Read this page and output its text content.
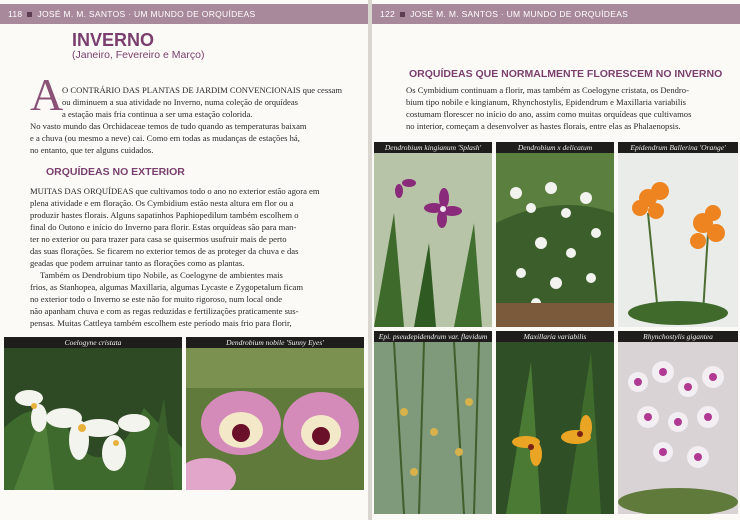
118 JOSÉ M. M. SANTOS · UM MUNDO DE ORQUÍDEAS
INVERNO
(Janeiro, Fevereiro e Março)
A
O CONTRÁRIO DAS PLANTAS DE JARDIM CONVENCIONAIS que cessam
ou diminuem a sua atividade no Inverno, numa coleção de orquídeas
a estação mais fria continua a ser uma estação colorida.
No vasto mundo das Orchidaceae temos de tudo quando as temperaturas baixam
e a chuva (ou mesmo a neve) cai. Como em todas as mudanças de estações há,
no entanto, que ter alguns cuidados.
ORQUÍDEAS NO EXTERIOR
MUITAS DAS ORQUÍDEAS que cultivamos todo o ano no exterior estão agora em
plena atividade e em floração. Os Cymbidium estão nesta altura em flor ou a
produzir hastes florais. Alguns sapatinhos Paphiopedilum também escolhem o
final do Outono e início do Inverno para florir. Estas orquídeas são para man-
ter no exterior ou para trazer para casa se quisermos usufruir mais de perto
das suas florações. Se ficarem no exterior temos de as proteger da chuva e das
geadas que podem arruinar tanto as florações como as plantas.
Também os Dendrobium tipo Nobile, as Coelogyne de ambientes mais
frios, as Stanhopea, algumas Maxillaria, algumas Lycaste e Zygopetalum ficam
no exterior todo o Inverno se este não for muito rigoroso, num local onde
não apanham chuva e com as regas reduzidas e fertilizações praticamente sus-
pensas. Muitas Cattleya também escolhem este período mais frio para florir,
Coelogyne cristata	Dendrobium nobile 'Sunny Eyes'
122 JOSÉ M. M. SANTOS · UM MUNDO DE ORQUÍDEAS
ORQUÍDEAS QUE NORMALMENTE FLORESCEM NO INVERNO
Os Cymbidium continuam a florir, mas também as Coelogyne cristata, os Dendro-
bium tipo nobile e kingianum, Rhynchostylis, Epidendrum e Maxillaria variabilis
costumam florescer no início do ano, assim como muitas orquídeas que cultivamos
no interior, começam a desenvolver as hastes florais, entre elas as Phalaenopsis.
Dendrobium kingianum 'Splash'	Dendrobium x delicatum	Epidendrum Ballerina 'Orange'
Epi. pseudepidendrum var. flavidum	Maxillaria variabilis	Rhynchostylis gigantea
